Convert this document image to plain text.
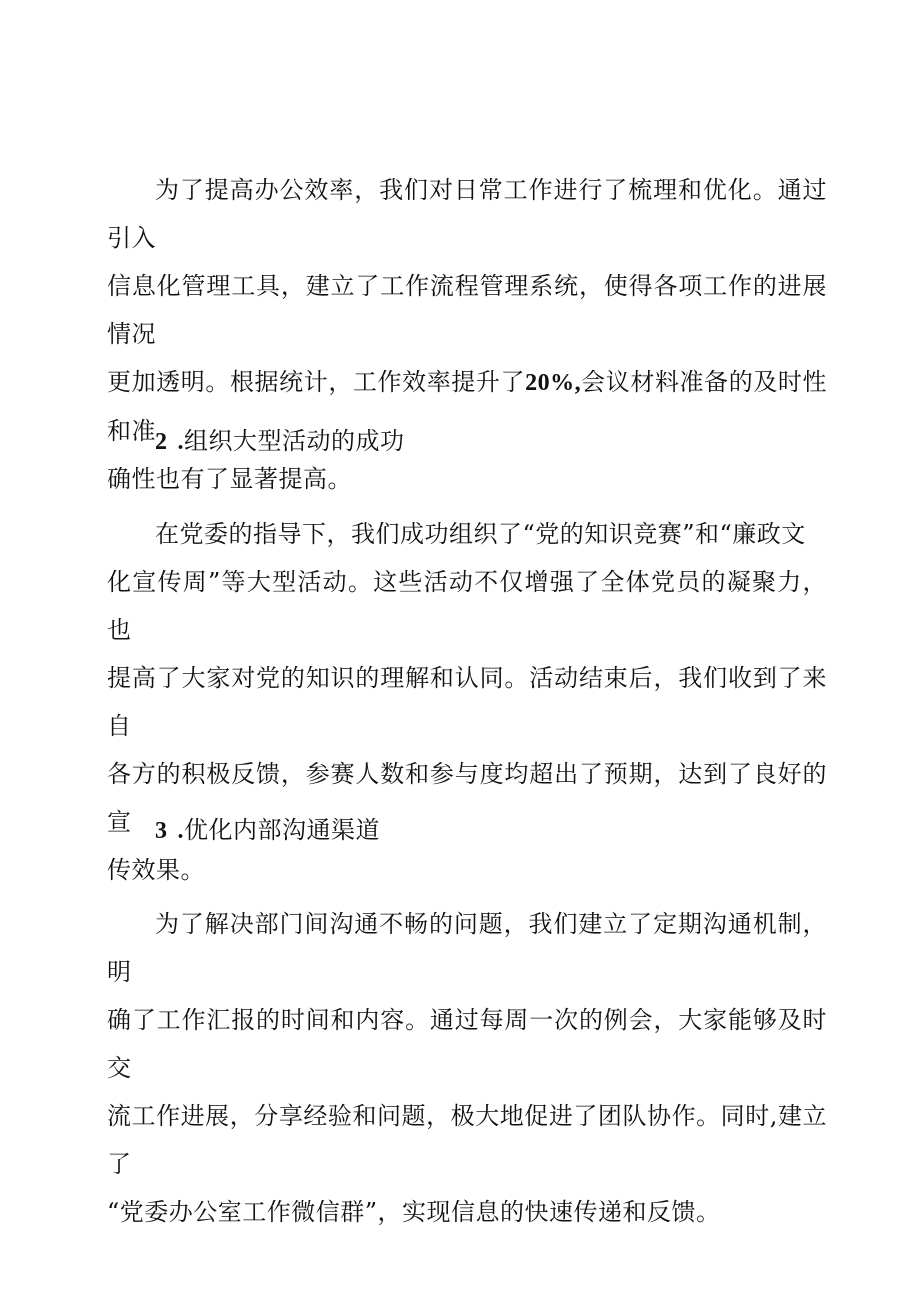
为了提高办公效率，我们对日常工作进行了梳理和优化。通过引入
信息化管理工具，建立了工作流程管理系统，使得各项工作的进展情况
更加透明。根据统计，工作效率提升了20%,会议材料准备的及时性和准
确性也有了显著提高。
2 .组织大型活动的成功
在党委的指导下，我们成功组织了“党的知识竞赛”和“廉政文
化宣传周”等大型活动。这些活动不仅增强了全体党员的凝聚力，也
提高了大家对党的知识的理解和认同。活动结束后，我们收到了来自
各方的积极反馈，参赛人数和参与度均超出了预期，达到了良好的宣
传效果。
3 .优化内部沟通渠道
为了解决部门间沟通不畅的问题，我们建立了定期沟通机制，明
确了工作汇报的时间和内容。通过每周一次的例会，大家能够及时交
流工作进展，分享经验和问题，极大地促进了团队协作。同时,建立了
“党委办公室工作微信群”，实现信息的快速传递和反馈。
